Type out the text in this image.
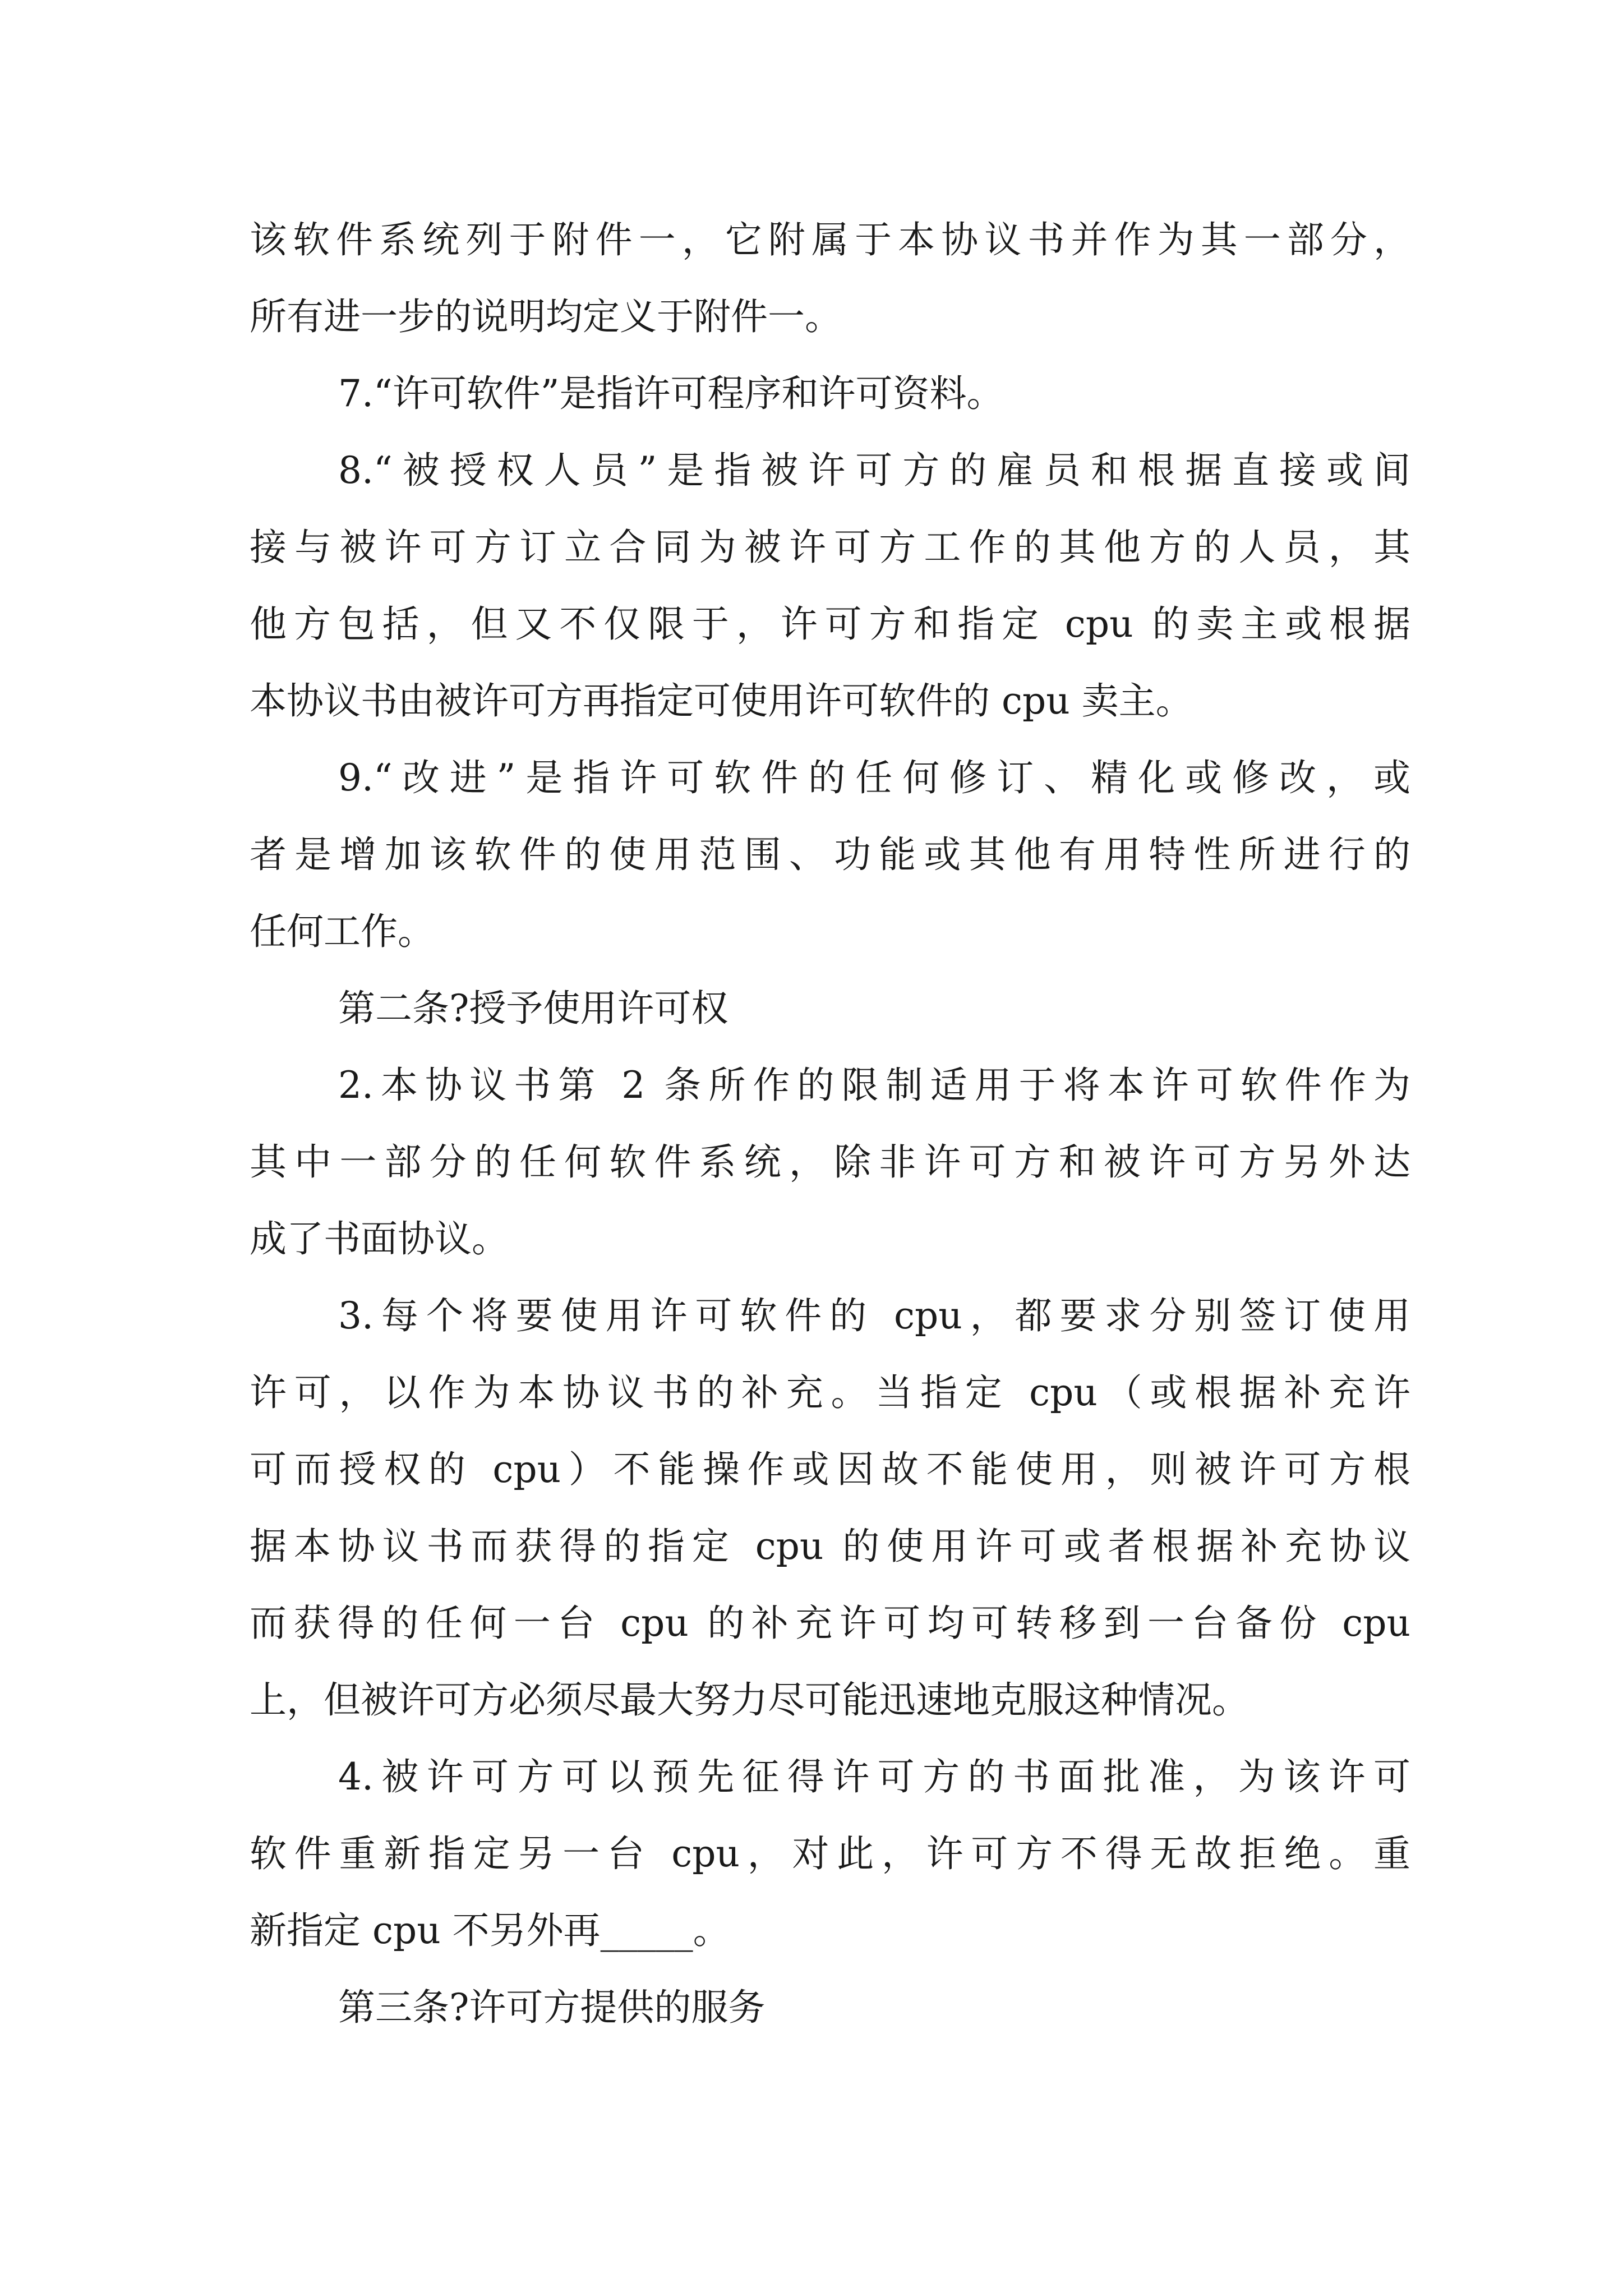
该软件系统列于附件一，它附属于本协议书并作为其一部分，
所有进一步的说明均定义于附件一。
7.“许可软件”是指许可程序和许可资料。
8.“被授权人员”是指被许可方的雇员和根据直接或间
接与被许可方订立合同为被许可方工作的其他方的人员，其
他方包括，但又不仅限于，许可方和指定 cpu 的卖主或根据
本协议书由被许可方再指定可使用许可软件的 cpu 卖主。
9.“改进”是指许可软件的任何修订、精化或修改，或
者是增加该软件的使用范围、功能或其他有用特性所进行的
任何工作。
第二条?授予使用许可权
2.本协议书第 2 条所作的限制适用于将本许可软件作为
其中一部分的任何软件系统，除非许可方和被许可方另外达
成了书面协议。
3.每个将要使用许可软件的 cpu，都要求分别签订使用
许可，以作为本协议书的补充。当指定 cpu（或根据补充许
可而授权的 cpu）不能操作或因故不能使用，则被许可方根
据本协议书而获得的指定 cpu 的使用许可或者根据补充协议
而获得的任何一台 cpu 的补充许可均可转移到一台备份 cpu
上，但被许可方必须尽最大努力尽可能迅速地克服这种情况。
4.被许可方可以预先征得许可方的书面批准，为该许可
软件重新指定另一台 cpu，对此，许可方不得无故拒绝。重
新指定 cpu 不另外再_____。
第三条?许可方提供的服务
